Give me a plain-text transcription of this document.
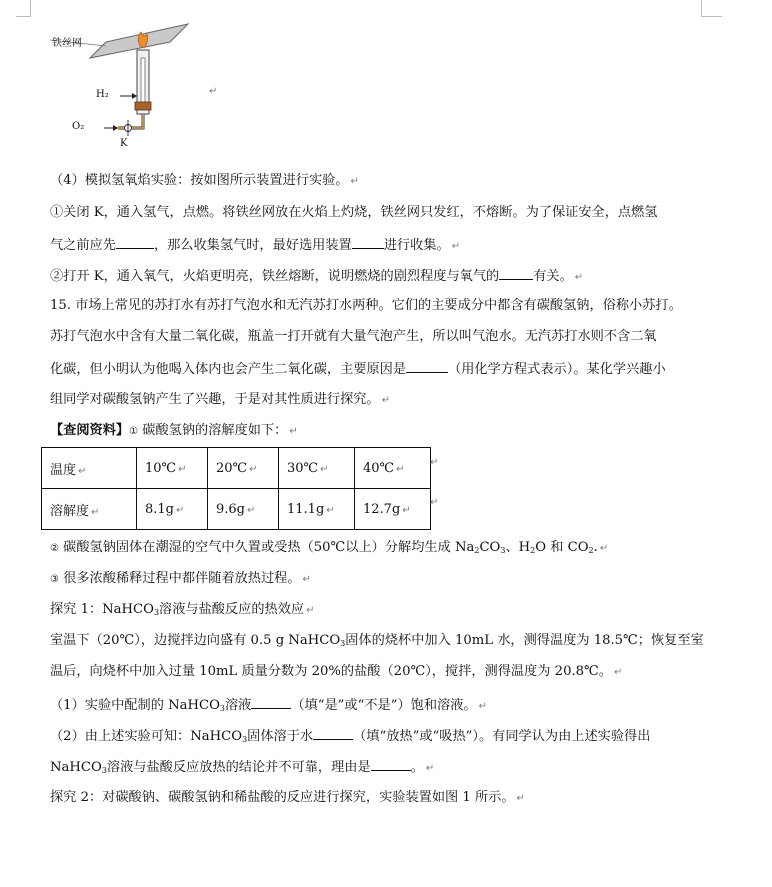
铁丝网
H₂
O₂
K
↵
（4）模拟氢氧焰实验：按如图所示装置进行实验。 ↵
①关闭 K，通入氢气，点燃。将铁丝网放在火焰上灼烧，铁丝网只发红，不熔断。为了保证安全，点燃氢
气之前应先	，那么收集氢气时，最好选用装置 进行收集。 ↵
②打开 K，通入氧气，火焰更明亮，铁丝熔断，说明燃烧的剧烈程度与氧气的	有关。 ↵
15. 市场上常见的苏打水有苏打气泡水和无汽苏打水两种。它们的主要成分中都含有碳酸氢钠，俗称小苏打。
苏打气泡水中含有大量二氧化碳，瓶盖一打开就有大量气泡产生，所以叫气泡水。无汽苏打水则不含二氧
化碳，但小明认为他喝入体内也会产生二氧化碳，主要原因是	（用化学方程式表示）。某化学兴趣小
组同学对碳酸氢钠产生了兴趣，于是对其性质进行探究。 ↵
【查阅资料】① 碳酸氢钠的溶解度如下： ↵
温度 ↵	10℃ ↵	20℃ ↵	30℃ ↵	40℃ ↵
溶解度 ↵	8.1g ↵	9.6g ↵	11.1g ↵	12.7g ↵
↵
↵
② 碳酸氢钠固体在潮湿的空气中久置或受热（50℃以上）分解均生成 $Na_2CO_3$、$H_2O$ 和 $CO_2$. ↵
③ 很多浓酸稀释过程中都伴随着放热过程。 ↵
探究 1：NaHCO$_3$溶液与盐酸反应的热效应 ↵
室温下（20℃），边搅拌边向盛有 0.5 g NaHCO$_3$固体的烧杯中加入 10mL 水，测得温度为 18.5℃；恢复至室
温后，向烧杯中加入过量 10mL 质量分数为 20%的盐酸（20℃），搅拌，测得温度为 20.8℃。 ↵
（1）实验中配制的 NaHCO$_3$溶液	（填“是”或“不是”）饱和溶液。 ↵
（2）由上述实验可知：NaHCO$_3$固体溶于水	（填“放热”或“吸热”）。有同学认为由上述实验得出
NaHCO$_3$溶液与盐酸反应放热的结论并不可靠，理由是	。 ↵
探究 2：对碳酸钠、碳酸氢钠和稀盐酸的反应进行探究，实验装置如图 1 所示。 ↵
